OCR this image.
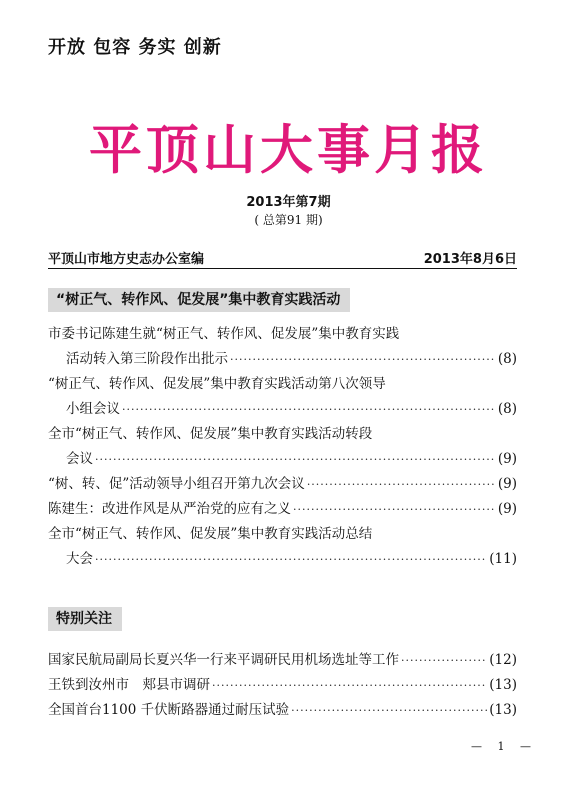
开放 包容 务实 创新
平顶山大事月报
2013年第7期
( 总第91 期)
平顶山市地方史志办公室编	2013年8月6日
“树正气、转作风、促发展”集中教育实践活动
市委书记陈建生就“树正气、转作风、促发展”集中教育实践
活动转入第三阶段作出批示 ·····	(8)
“树正气、转作风、促发展”集中教育实践活动第八次领导
小组会议 ·····	(8)
全市“树正气、转作风、促发展”集中教育实践活动转段
会议 ·····	(9)
“树、转、促”活动领导小组召开第九次会议 ·····	(9)
陈建生：改进作风是从严治党的应有之义 ·····	(9)
全市“树正气、转作风、促发展”集中教育实践活动总结
大会 ·····	(11)
特别关注
国家民航局副局长夏兴华一行来平调研民用机场选址等工作 ·····	(12)
王铁到汝州市　郏县市调研 ·····	(13)
全国首台1100 千伏断路器通过耐压试验 ·····	(13)
— 1 —
